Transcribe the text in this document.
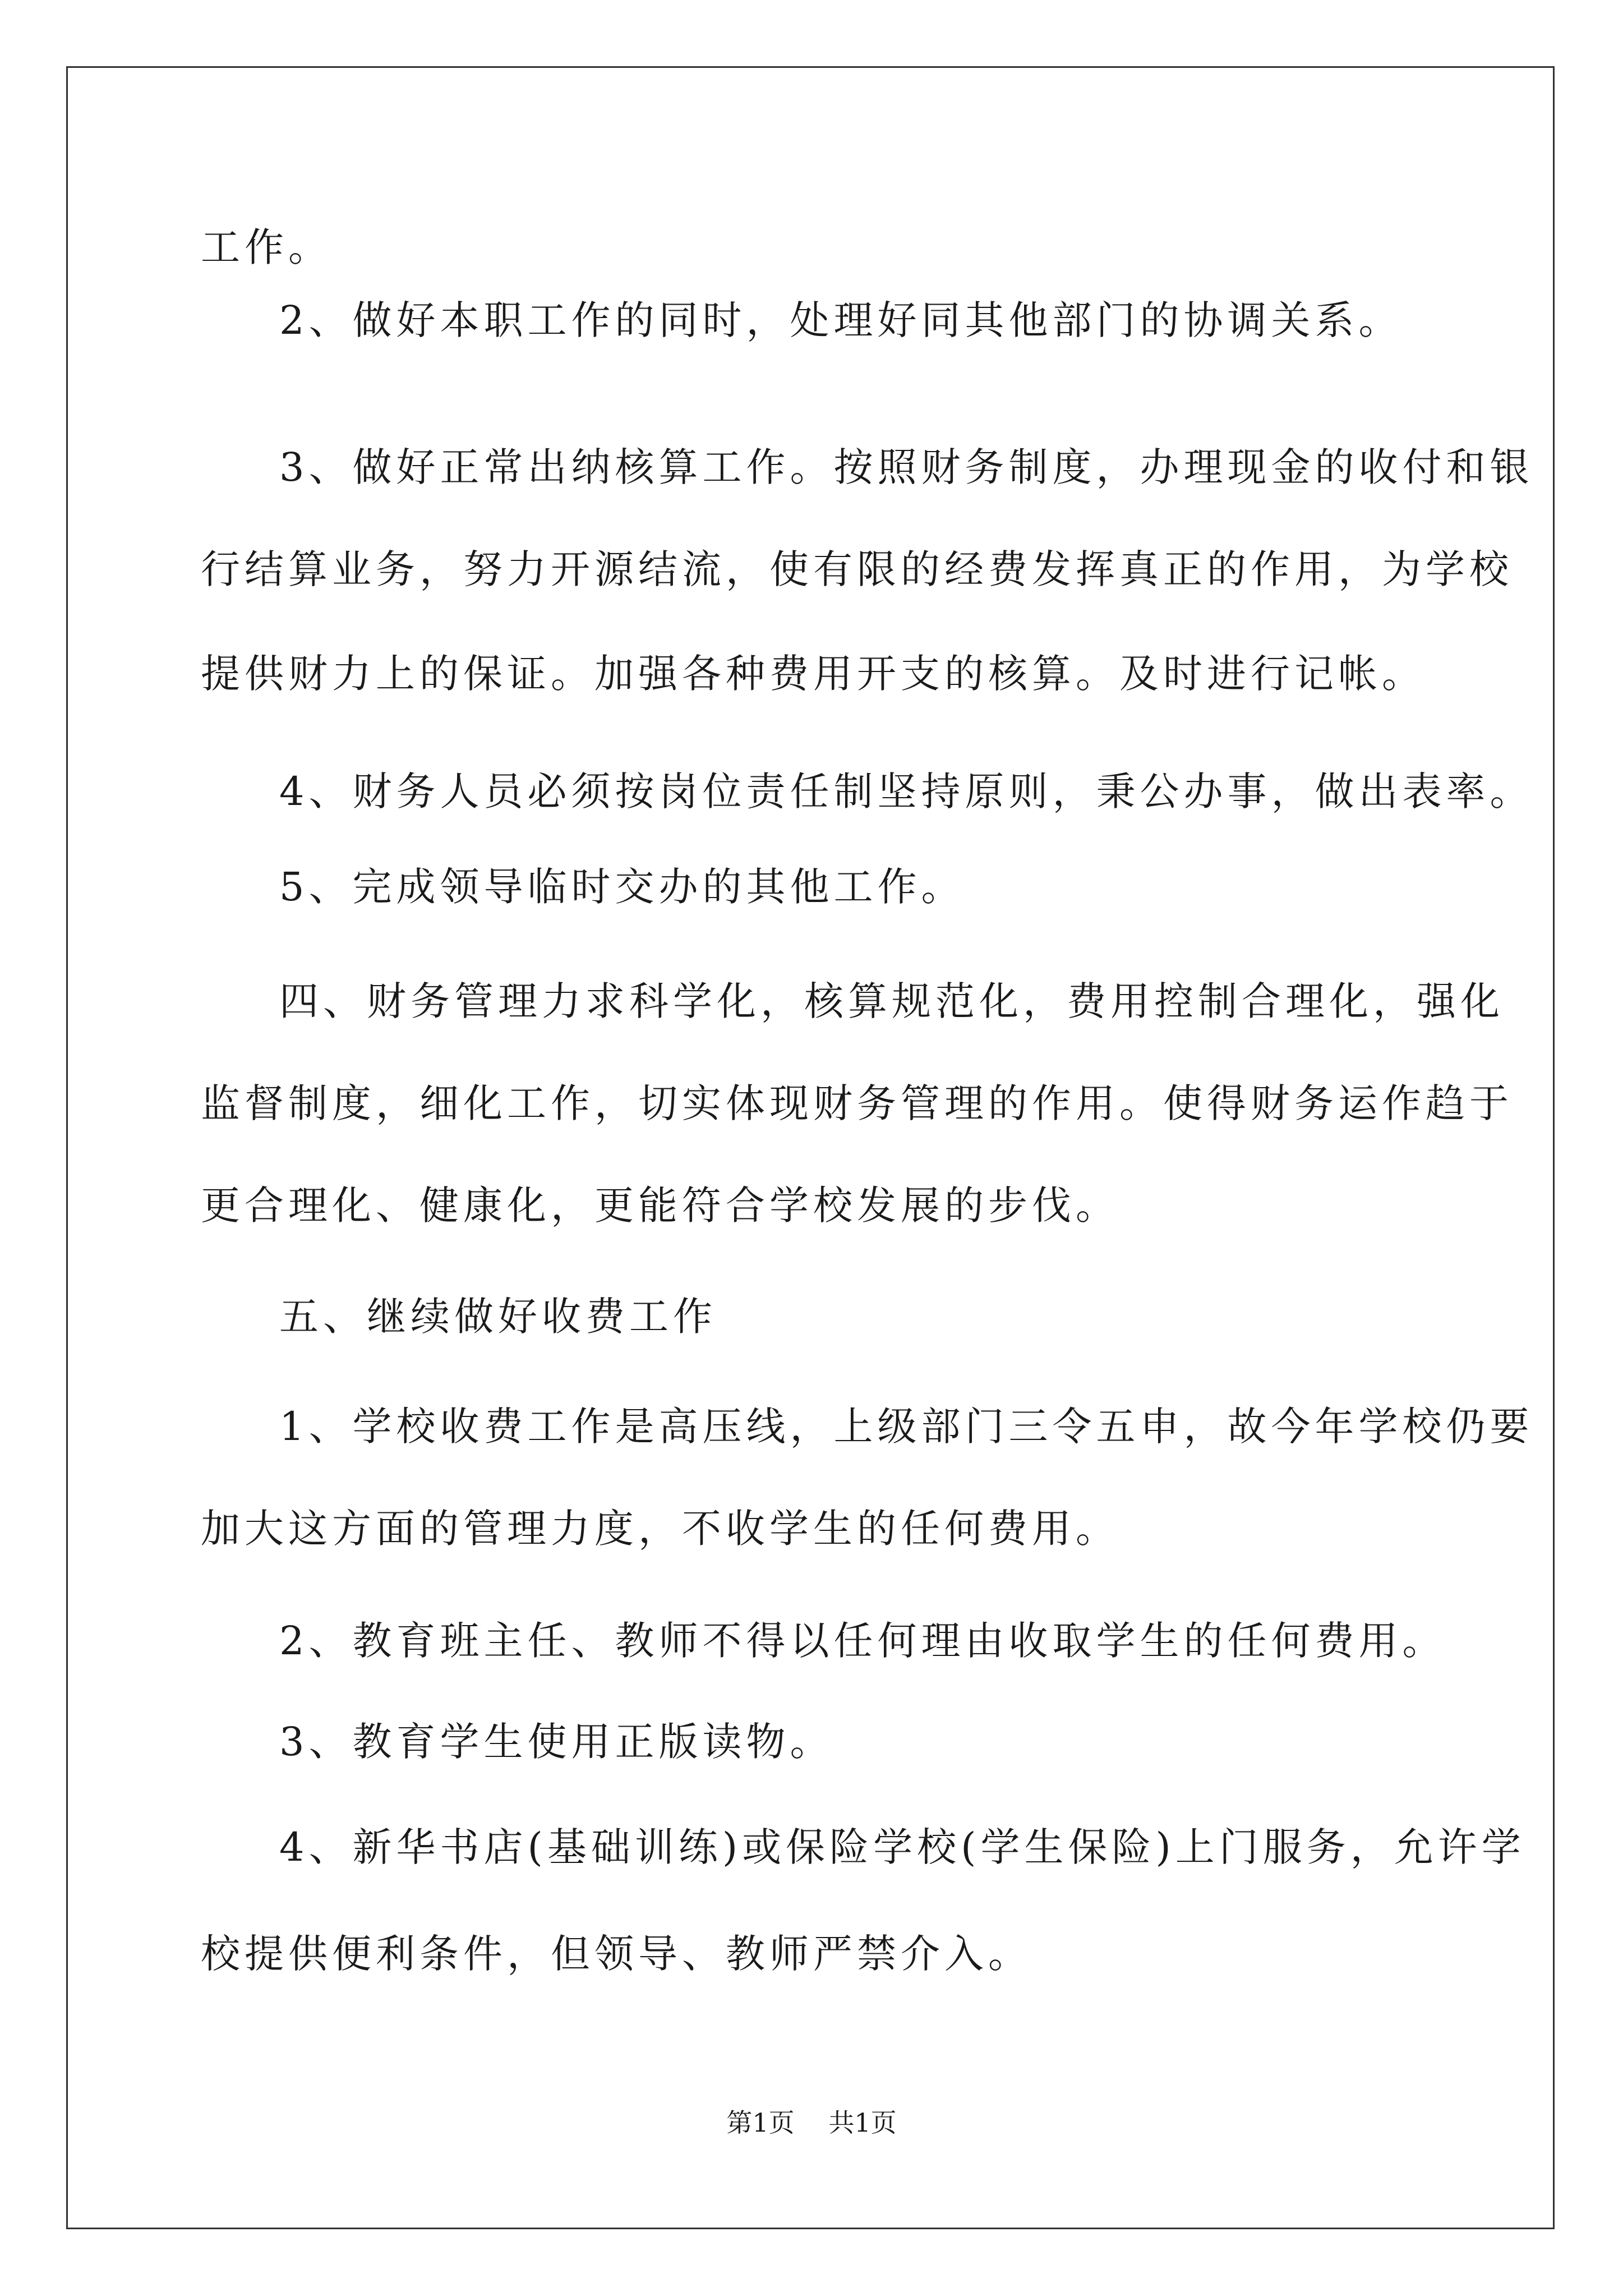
工作。
2、做好本职工作的同时，处理好同其他部门的协调关系。
3、做好正常出纳核算工作。按照财务制度，办理现金的收付和银
行结算业务，努力开源结流，使有限的经费发挥真正的作用，为学校
提供财力上的保证。加强各种费用开支的核算。及时进行记帐。
4、财务人员必须按岗位责任制坚持原则，秉公办事，做出表率。
5、完成领导临时交办的其他工作。
四、财务管理力求科学化，核算规范化，费用控制合理化，强化
监督制度，细化工作，切实体现财务管理的作用。使得财务运作趋于
更合理化、健康化，更能符合学校发展的步伐。
五、继续做好收费工作
1、学校收费工作是高压线，上级部门三令五申，故今年学校仍要
加大这方面的管理力度，不收学生的任何费用。
2、教育班主任、教师不得以任何理由收取学生的任何费用。
3、教育学生使用正版读物。
4、新华书店(基础训练)或保险学校(学生保险)上门服务，允许学
校提供便利条件，但领导、教师严禁介入。
第1页 共1页
